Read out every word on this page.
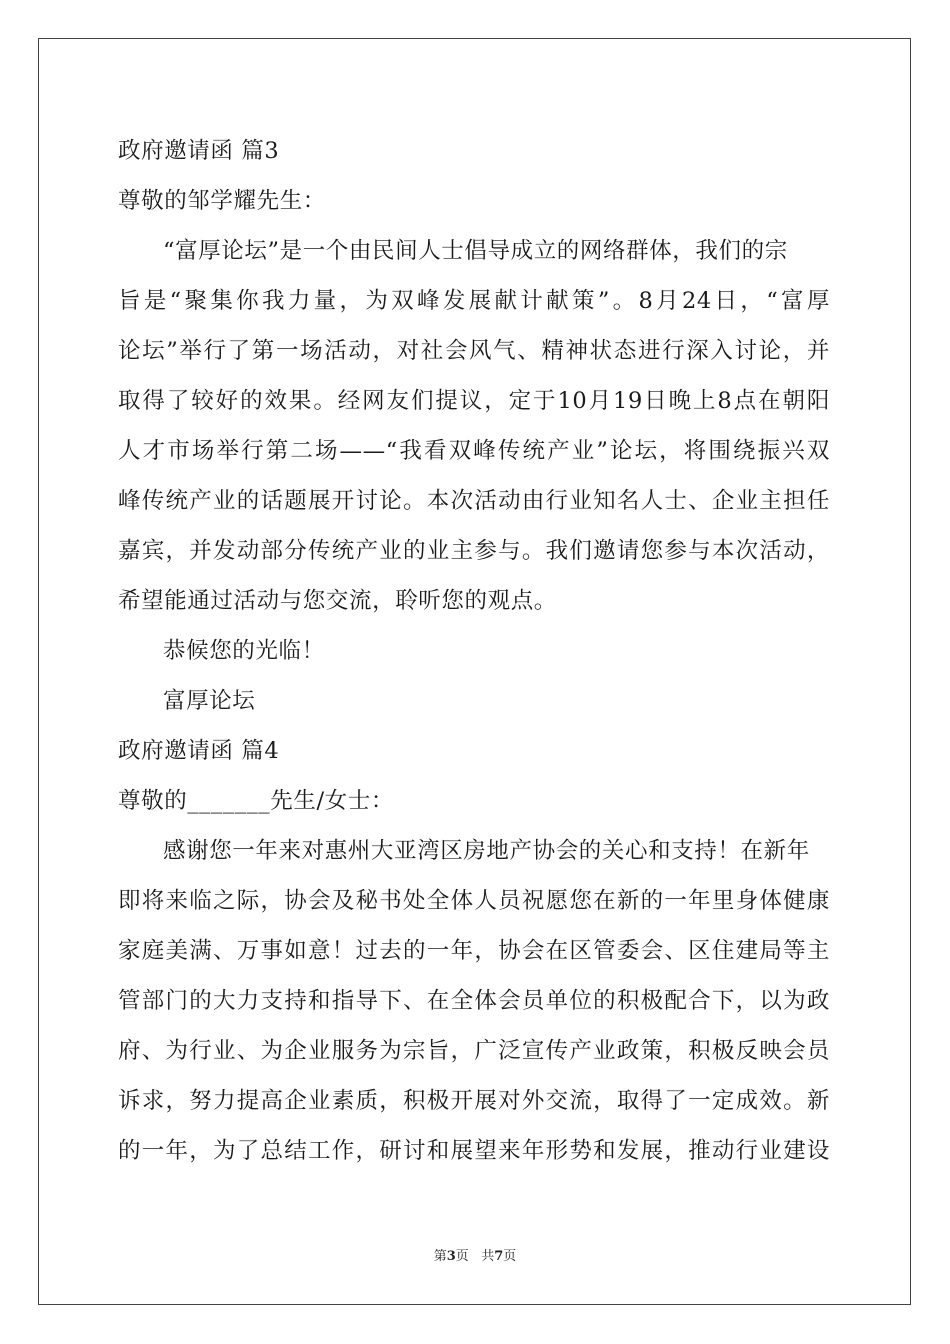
政府邀请函 篇3
尊敬的邹学耀先生：
“富厚论坛”是一个由民间人士倡导成立的网络群体，我们的宗
旨是“聚集你我力量，为双峰发展献计献策”。8月24日，“富厚
论坛”举行了第一场活动，对社会风气、精神状态进行深入讨论，并
取得了较好的效果。经网友们提议，定于10月19日晚上8点在朝阳
人才市场举行第二场——“我看双峰传统产业”论坛，将围绕振兴双
峰传统产业的话题展开讨论。本次活动由行业知名人士、企业主担任
嘉宾，并发动部分传统产业的业主参与。我们邀请您参与本次活动，
希望能通过活动与您交流，聆听您的观点。
恭候您的光临！
富厚论坛
政府邀请函 篇4
尊敬的_______先生/女士：
感谢您一年来对惠州大亚湾区房地产协会的关心和支持！在新年
即将来临之际，协会及秘书处全体人员祝愿您在新的一年里身体健康
家庭美满、万事如意！过去的一年，协会在区管委会、区住建局等主
管部门的大力支持和指导下、在全体会员单位的积极配合下，以为政
府、为行业、为企业服务为宗旨，广泛宣传产业政策，积极反映会员
诉求，努力提高企业素质，积极开展对外交流，取得了一定成效。新
的一年，为了总结工作，研讨和展望来年形势和发展，推动行业建设
第3页 共7页
